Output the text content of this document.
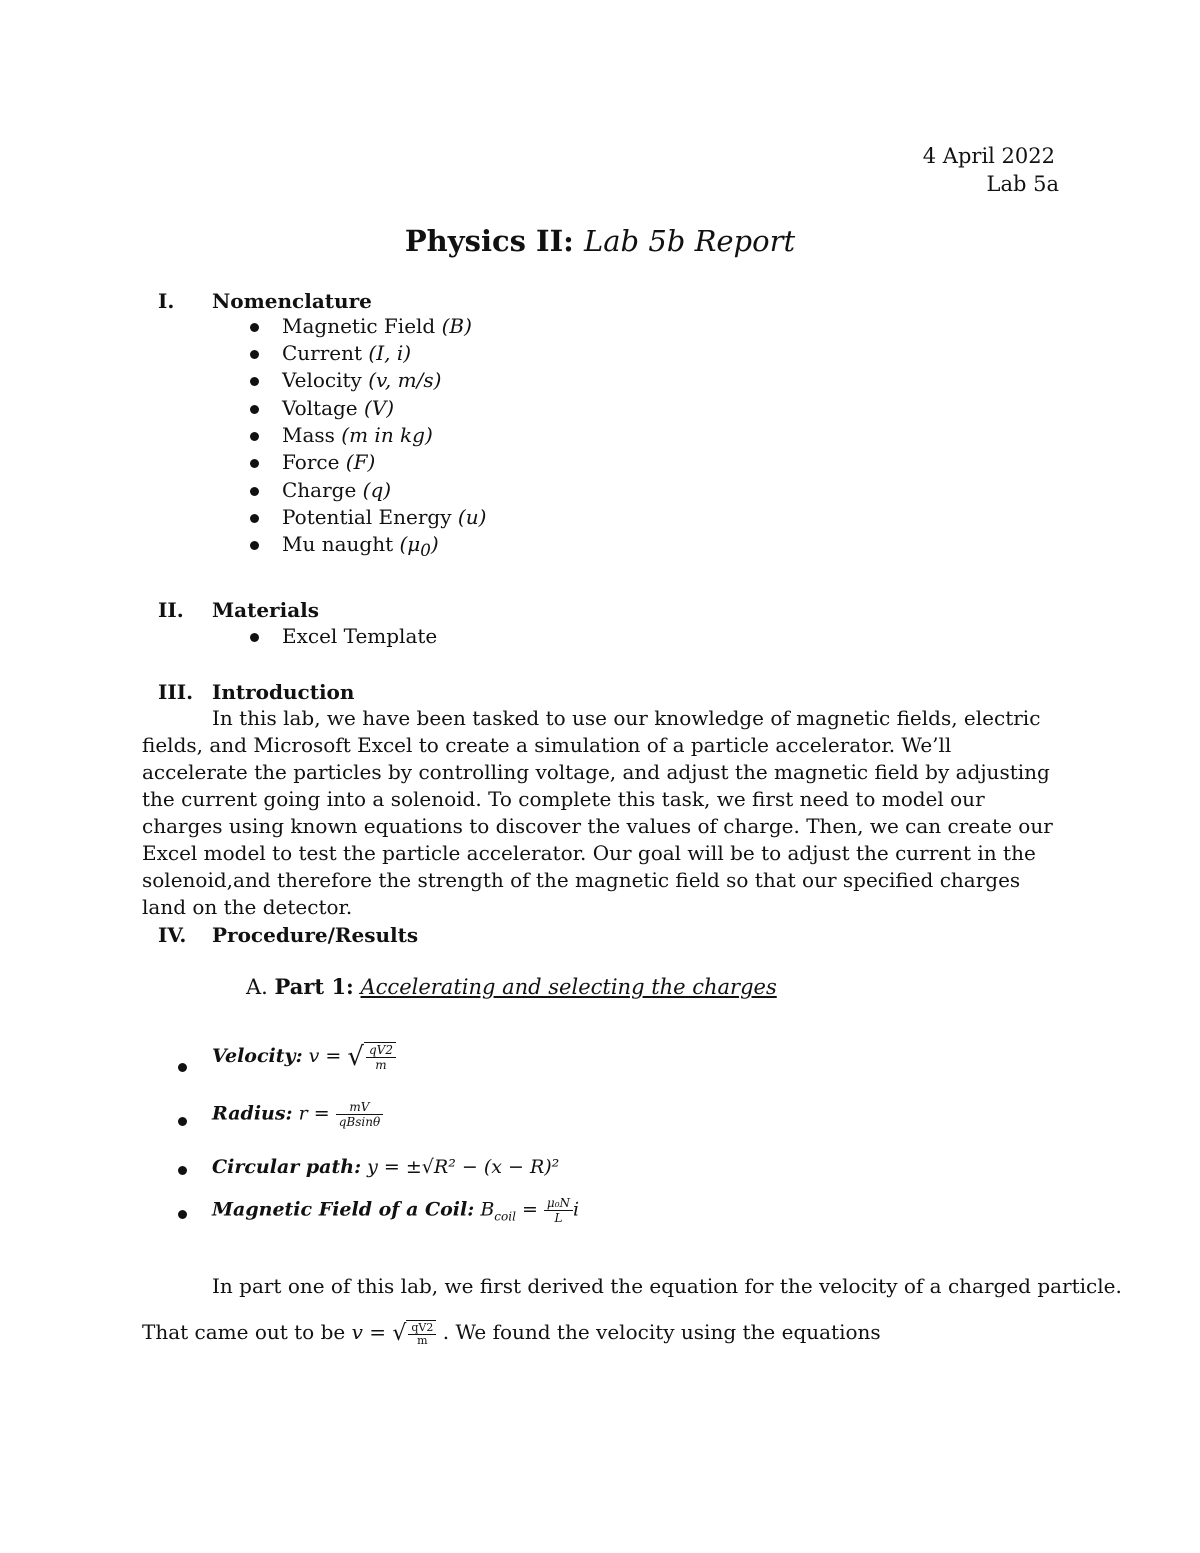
4 April 2022
Lab 5a
Physics II: Lab 5b Report
I. Nomenclature
Magnetic Field (B)
Current (I, i)
Velocity (v, m/s)
Voltage (V)
Mass (m in kg)
Force (F)
Charge (q)
Potential Energy (u)
Mu naught $(\mu_0)$
II. Materials
Excel Template
III. Introduction

In this lab, we have been tasked to use our knowledge of magnetic fields, electric fields, and Microsoft Excel to create a simulation of a particle accelerator. We’ll accelerate the particles by controlling voltage, and adjust the magnetic field by adjusting the current going into a solenoid. To complete this task, we first need to model our charges using known equations to discover the values of charge. Then, we can create our Excel model to test the particle accelerator. Our goal will be to adjust the current in the solenoid,and therefore the strength of the magnetic field so that our specified charges land on the detector.

IV. Procedure/Results
A. Part 1: Accelerating and selecting the charges
Velocity: v = √ $\frac{qV2}{m}$
Radius: $r = \frac{mV}{qBsin\theta}$
Circular path: y = ±√R² − (x − R)²
Magnetic Field of a Coil: $B_{coil} = \frac{\text{μ₀N}}{L}$ i
In part one of this lab, we first derived the equation for the velocity of a charged particle.
That came out to be v = √ $\frac{qV2}{m}$ . We found the velocity using the equations
